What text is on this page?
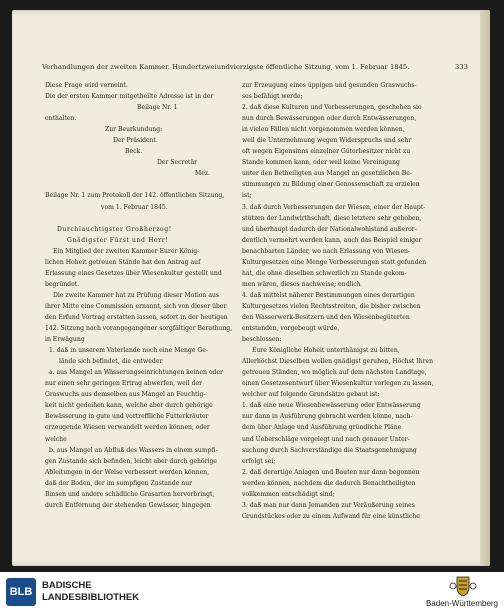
Verhandlungen der zweiten Kammer. Hundertzweiundvierzigste öffentliche Sitzung, vom 1. Februar 1845.	333
Diese Frage wird verneint.
Die der ersten Kammer mitgetheilte Adresse ist in der
Beilage Nr. 1
enthalten.
Zur Beurkundung:
Der Präsident.
Beck.
Der Secretär
Mez.

Beilage Nr. 1 zum Protokoll der 142. öffentlichen Sitzung,
vom 1. Februar 1845.

Durchlauchtigster Großherzog!
Gnädigster Fürst und Herr!
Ein Mitglied der zweiten Kammer Eurer König-
lichen Hoheit getreuen Stände hat den Antrag auf
Erlassung eines Gesetzes über Wiesenkultur gestellt und
begründet.
Die zweite Kammer hat zu Prüfung dieser Motion aus
ihrer Mitte eine Commission ernannt, sich von dieser über
den Erfund Vortrag erstatten lassen, sofort in der heutigen
142. Sitzung nach vorangegangener sorgfältiger Berathung,
in Erwägung
1. daß in unserem Vaterlande noch eine Menge Ge-
lände sich befindet, die entweder
a. aus Mangel an Wässerungseinrichtungen keinen oder
nur einen sehr geringen Ertrag abwerfen, weil der
Graswuchs aus demselben aus Mangel an Feuchtig-
keit nicht gedeihen kann, welche aber durch gehörige
Bewässerung in gute und vortreffliche Futterkräuter
erzeugende Wiesen verwandelt werden können, oder
welche
b. aus Mangel an Abfluß des Wassers in einem sumpfi-
gen Zustande sich befinden, leicht aber durch gehörige
Ableitungen in der Weise verbessert werden können,
daß der Boden, der im sumpfigen Zustande nur
Binsen und andere schädliche Grasarten hervorbringt,
durch Entfernung der stehenden Gewässer, hingegen
zur Erzeugung eines üppigen und gesunden Graswuchs-
ses befähigt werde;
2. daß diese Kulturen und Verbesserungen, geschehen sie
nun durch Bewässerungen oder durch Entwässerungen,
in vielen Fällen nicht vorgenommen werden können,
weil die Unternehmung wegen Widerspruchs und sehr
oft wegen Eigensinns einzelner Güterbesitzer nicht zu
Stande kommen kann, oder weil keine Vereinigung
unter den Betheiligten aus Mangel an gesetzlichen Be-
stimmungen zu Bildung einer Genossenschaft zu erzielen
ist;
3. daß durch Verbesserungen der Wiesen, einer der Haupt-
stützen der Landwirthschaft, diese letztere sehr gehoben,
und überhaupt dadurch der Nationalwohlstand außeror-
dentlich vermehrt werden kann, auch das Beispiel einiger
benachbarten Länder, wo nach Erlassung von Wiesen-
Kulturgesetzen eine Menge Verbesserungen statt gefunden
hat, die ohne dieselben schwerlich zu Stande gekom-
men wären, dieses nachweise; endlich
4. daß mittelst näherer Bestimmungen eines derartigen
Kulturgesetzes vielen Rechtsstreiten, die bisher zwischen
den Wasserwerk-Besitzern und den Wiesenbegüterten
entstanden, vorgebeugt würde,
beschlossen:
Eure Königliche Hoheit unterthänigst zu bitten,
Allerhöchst Dieselben wollen gnädigst geruhen, Höchst Ihren
getreuen Ständen, wo möglich auf dem nächsten Landtage,
einen Gesetzesentwurf über Wiesenkultur vorlegen zu lassen,
welcher auf folgende Grundsätze gebaut ist:
1. daß eine neue Wiesenbewässerung oder Entwässerung
nur dann in Ausführung gebracht werden könne, nach-
dem über Anlage und Ausführung gründliche Pläne
und Ueberschläge vorgelegt und nach genauer Unter-
suchung durch Sachverständige die Staatsgenehmigung
erfolgt sei;
2. daß derartige Anlagen und Bauten nur dann begonnen
werden können, nachdem die dadurch Benachtheiligten
vollkommen entschädigt sind;
3. daß man nur dann Jemanden zur Veräußerung seines
Grundstückes oder zu einem Aufwand für eine künstliche
BLB
BADISCHE
LANDESBIBLIOTHEK
Baden-Württemberg
